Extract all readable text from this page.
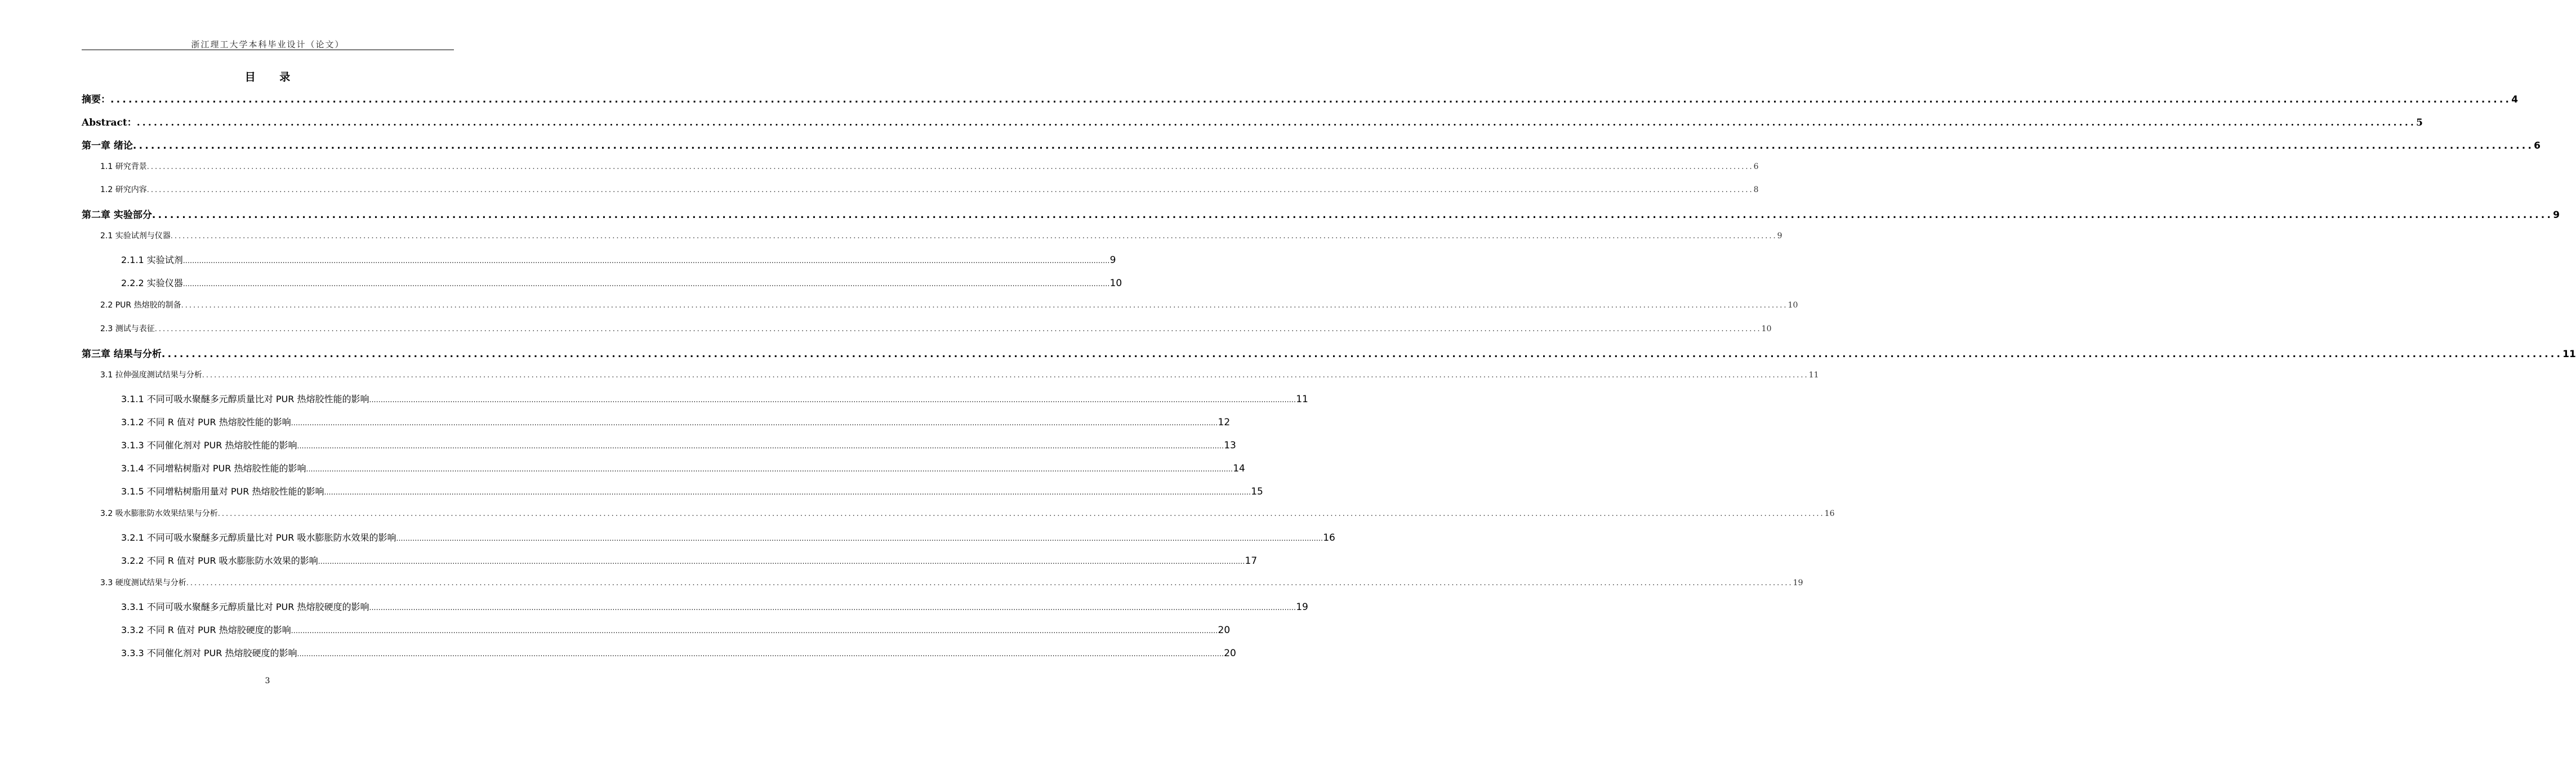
浙江理工大学本科毕业设计（论文）
目 录
摘要： ................................................................................................................................................................................................................................................................................................................................................................................................................ 4
Abstract： ................................................................................................................................................................................................................................................................................................................................................................................................................ 5
第一章 绪论 ................................................................................................................................................................................................................................................................................................................................................................................................................ 6
1.1 研究背景 ................................................................................................................................................................................................................................................................................................................................................................................................................ 6
1.2 研究内容 ................................................................................................................................................................................................................................................................................................................................................................................................................ 8
第二章 实验部分 ................................................................................................................................................................................................................................................................................................................................................................................................................ 9
2.1 实验试剂与仪器 ................................................................................................................................................................................................................................................................................................................................................................................................................ 9
2.1.1 实验试剂 ................................................................................................................................................................................................................................................................................................................................................................................................................ 9
2.2.2 实验仪器 ................................................................................................................................................................................................................................................................................................................................................................................................................ 10
2.2 PUR 热熔胶的制备 ................................................................................................................................................................................................................................................................................................................................................................................................................ 10
2.3 测试与表征 ................................................................................................................................................................................................................................................................................................................................................................................................................ 10
第三章 结果与分析 ................................................................................................................................................................................................................................................................................................................................................................................................................ 11
3.1 拉伸强度测试结果与分析 ................................................................................................................................................................................................................................................................................................................................................................................................................ 11
3.1.1 不同可吸水聚醚多元醇质量比对 PUR 热熔胶性能的影响 ................................................................................................................................................................................................................................................................................................................................................................................................................ 11
3.1.2 不同 R 值对 PUR 热熔胶性能的影响 ................................................................................................................................................................................................................................................................................................................................................................................................................ 12
3.1.3 不同催化剂对 PUR 热熔胶性能的影响 ................................................................................................................................................................................................................................................................................................................................................................................................................ 13
3.1.4 不同增粘树脂对 PUR 热熔胶性能的影响 ................................................................................................................................................................................................................................................................................................................................................................................................................ 14
3.1.5 不同增粘树脂用量对 PUR 热熔胶性能的影响 ................................................................................................................................................................................................................................................................................................................................................................................................................ 15
3.2 吸水膨胀防水效果结果与分析 ................................................................................................................................................................................................................................................................................................................................................................................................................ 16
3.2.1 不同可吸水聚醚多元醇质量比对 PUR 吸水膨胀防水效果的影响 ................................................................................................................................................................................................................................................................................................................................................................................................................ 16
3.2.2 不同 R 值对 PUR 吸水膨胀防水效果的影响 ................................................................................................................................................................................................................................................................................................................................................................................................................ 17
3.3 硬度测试结果与分析 ................................................................................................................................................................................................................................................................................................................................................................................................................ 19
3.3.1 不同可吸水聚醚多元醇质量比对 PUR 热熔胶硬度的影响 ................................................................................................................................................................................................................................................................................................................................................................................................................ 19
3.3.2 不同 R 值对 PUR 热熔胶硬度的影响 ................................................................................................................................................................................................................................................................................................................................................................................................................ 20
3.3.3 不同催化剂对 PUR 热熔胶硬度的影响 ................................................................................................................................................................................................................................................................................................................................................................................................................ 20
3
